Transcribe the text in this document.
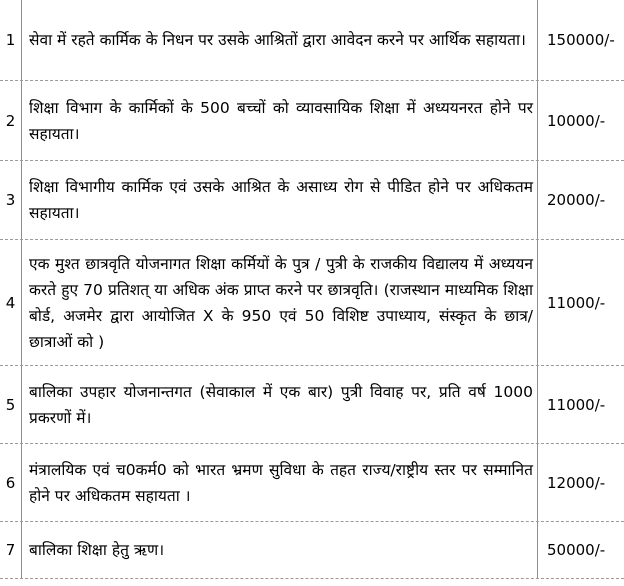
1 सेवा में रहते कार्मिक के निधन पर उसके आश्रितों द्वारा आवेदन करने पर आर्थिक सहायता। 150000/-
2
शिक्षा विभाग के कार्मिकों के 500 बच्चों को व्यावसायिक शिक्षा में अध्ययनरत होने पर सहायता।
10000/-
3
शिक्षा विभागीय कार्मिक एवं उसके आश्रित के असाध्य रोग से पीडित होने पर अधिकतम सहायता।
20000/-
4
एक मुश्त छात्रवृति योजनागत शिक्षा कर्मियों के पुत्र / पुत्री के राजकीय विद्यालय में अध्ययन करते हुए 70 प्रतिशत् या अधिक अंक प्राप्त करने पर छात्रवृति। (राजस्थान माध्यमिक शिक्षा बोर्ड, अजमेर द्वारा आयोजित X के 950 एवं 50 विशिष्ट उपाध्याय, संस्कृत के छात्र/ छात्राओं को )
11000/-
5
बालिका उपहार योजनान्तगत (सेवाकाल में एक बार) पुत्री विवाह पर, प्रति वर्ष 1000 प्रकरणों में।
11000/-
6
मंत्रालयिक एवं च0कर्म0 को भारत भ्रमण सुविधा के तहत राज्य/राष्ट्रीय स्तर पर सम्मानित होने पर अधिकतम सहायता ।
12000/-
7 बालिका शिक्षा हेतु ऋण।	50000/-
